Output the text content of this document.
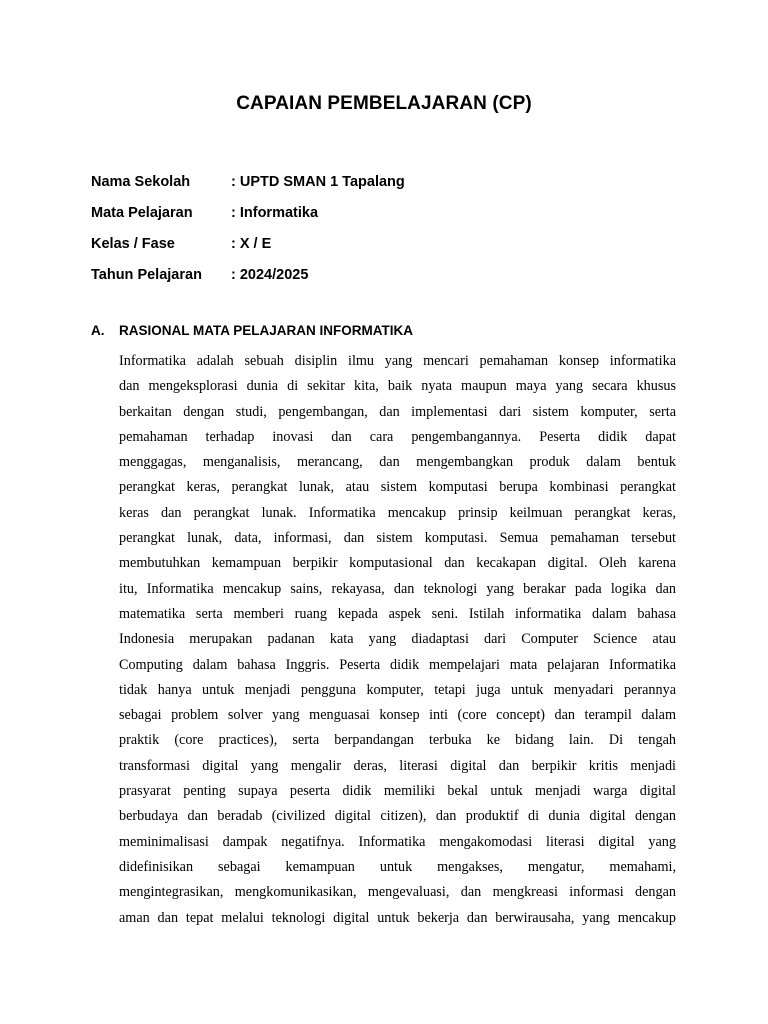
CAPAIAN PEMBELAJARAN (CP)
Nama Sekolah	: UPTD SMAN 1 Tapalang
Mata Pelajaran	: Informatika
Kelas / Fase	: X / E
Tahun Pelajaran	: 2024/2025
A.	RASIONAL MATA PELAJARAN INFORMATIKA
Informatika adalah sebuah disiplin ilmu yang mencari pemahaman konsep informatika
dan mengeksplorasi dunia di sekitar kita, baik nyata maupun maya yang secara khusus
berkaitan dengan studi, pengembangan, dan implementasi dari sistem komputer, serta
pemahaman terhadap inovasi dan cara pengembangannya. Peserta didik dapat
menggagas, menganalisis, merancang, dan mengembangkan produk dalam bentuk
perangkat keras, perangkat lunak, atau sistem komputasi berupa kombinasi perangkat
keras dan perangkat lunak. Informatika mencakup prinsip keilmuan perangkat keras,
perangkat lunak, data, informasi, dan sistem komputasi. Semua pemahaman tersebut
membutuhkan kemampuan berpikir komputasional dan kecakapan digital. Oleh karena
itu, Informatika mencakup sains, rekayasa, dan teknologi yang berakar pada logika dan
matematika serta memberi ruang kepada aspek seni. Istilah informatika dalam bahasa
Indonesia merupakan padanan kata yang diadaptasi dari Computer Science atau
Computing dalam bahasa Inggris. Peserta didik mempelajari mata pelajaran Informatika
tidak hanya untuk menjadi pengguna komputer, tetapi juga untuk menyadari perannya
sebagai problem solver yang menguasai konsep inti (core concept) dan terampil dalam
praktik (core practices), serta berpandangan terbuka ke bidang lain. Di tengah
transformasi digital yang mengalir deras, literasi digital dan berpikir kritis menjadi
prasyarat penting supaya peserta didik memiliki bekal untuk menjadi warga digital
berbudaya dan beradab (civilized digital citizen), dan produktif di dunia digital dengan
meminimalisasi dampak negatifnya. Informatika mengakomodasi literasi digital yang
didefinisikan sebagai kemampuan untuk mengakses, mengatur, memahami,
mengintegrasikan, mengkomunikasikan, mengevaluasi, dan mengkreasi informasi dengan
aman dan tepat melalui teknologi digital untuk bekerja dan berwirausaha, yang mencakup
